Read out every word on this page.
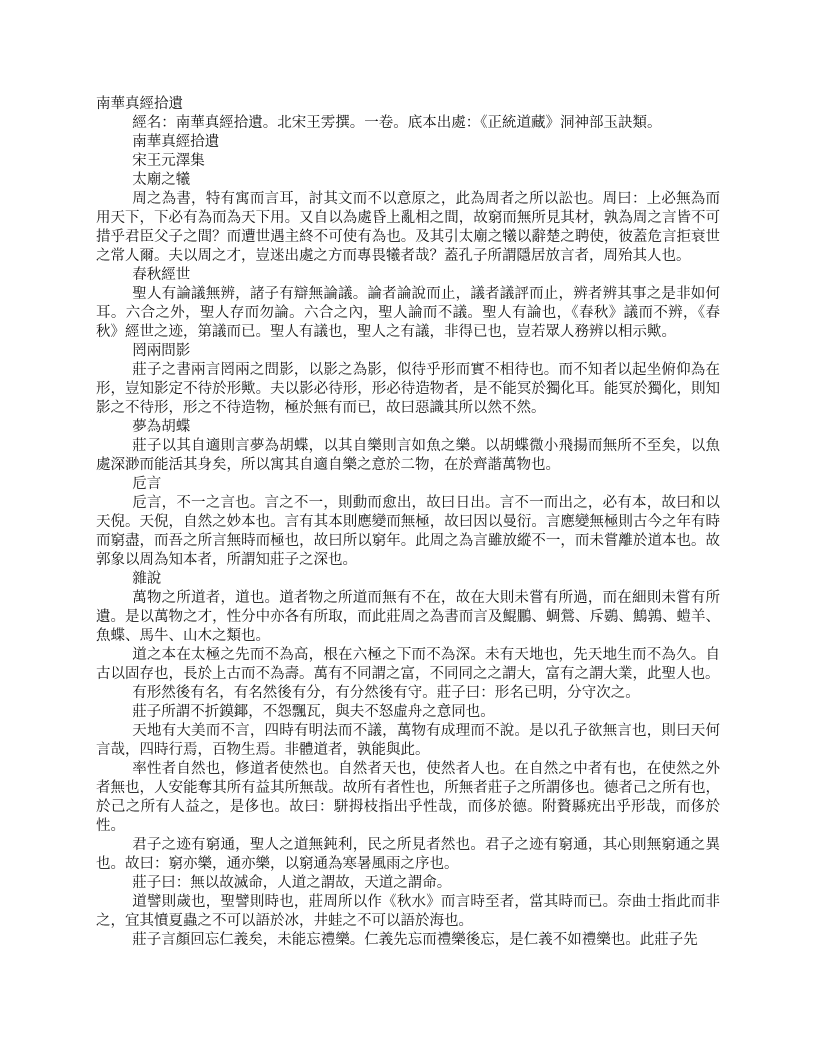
南華真經拾遺

經名：南華真經拾遺。北宋王雱撰。一卷。底本出處：《正統道藏》洞神部玉訣類。

南華真經拾遺

宋王元澤集

太廟之犧

周之為書，特有寓而言耳，討其文而不以意原之，此為周者之所以訟也。周曰：上必無為而用天下，下必有為而為天下用。又自以為處昏上亂相之間，故窮而無所見其材，孰為周之言皆不可措乎君臣父子之間？而遭世遇主終不可使有為也。及其引太廟之犧以辭楚之聘使，彼蓋危言拒衰世之常人爾。夫以周之才，豈迷出處之方而專畏犧者哉？蓋孔子所謂隱居放言者，周殆其人也。

春秋經世

聖人有論議無辨，諸子有辯無論議。論者論說而止，議者議評而止，辨者辨其事之是非如何耳。六合之外，聖人存而勿論。六合之內，聖人論而不議。聖人有論也，《春秋》議而不辨，《春秋》經世之迹，第議而已。聖人有議也，聖人之有議，非得已也，豈若眾人務辨以相示歟。

罔兩問影

莊子之書兩言罔兩之問影，以影之為影，似待乎形而實不相待也。而不知者以起坐俯仰為在形，豈知影定不待於形歟。夫以影必待形，形必待造物者，是不能冥於獨化耳。能冥於獨化，則知影之不待形，形之不待造物，極於無有而已，故曰惡識其所以然不然。

夢為胡蝶

莊子以其自適則言夢為胡蝶，以其自樂則言如魚之樂。以胡蝶微小飛揚而無所不至矣，以魚處深渺而能活其身矣，所以寓其自適自樂之意於二物，在於齊諧萬物也。

卮言

卮言，不一之言也。言之不一，則動而愈出，故曰日出。言不一而出之，必有本，故曰和以天倪。天倪，自然之妙本也。言有其本則應變而無極，故曰因以曼衍。言應變無極則古今之年有時而窮盡，而吾之所言無時而極也，故曰所以窮年。此周之為言雖放縱不一，而未嘗離於道本也。故郭象以周為知本者，所謂知莊子之深也。

雜說

萬物之所道者，道也。道者物之所道而無有不在，故在大則未嘗有所過，而在細則未嘗有所遺。是以萬物之才，性分中亦各有所取，而此莊周之為書而言及鯤鵬、蜩鶯、斥鷃、鷦鶉、螘羊、魚蝶、馬牛、山木之類也。

道之本在太極之先而不為高，根在六極之下而不為深。未有天地也，先天地生而不為久。自古以固存也，長於上古而不為壽。萬有不同謂之富，不同同之之謂大，富有之謂大業，此聖人也。

有形然後有名，有名然後有分，有分然後有守。莊子曰：形名已明，分守次之。

莊子所謂不折鏌鎁，不怨飄瓦，與夫不怒虛舟之意同也。

天地有大美而不言，四時有明法而不議，萬物有成理而不說。是以孔子欲無言也，則曰天何言哉，四時行焉，百物生焉。非體道者，孰能與此。

率性者自然也，修道者使然也。自然者天也，使然者人也。在自然之中者有也，在使然之外者無也，人安能奪其所有益其所無哉。故所有者性也，所無者莊子之所謂侈也。德者己之所有也，於己之所有人益之，是侈也。故曰：駢拇枝指出乎性哉，而侈於德。附贅縣疣出乎形哉，而侈於性。

君子之迹有窮通，聖人之道無鈍利，民之所見者然也。君子之迹有窮通，其心則無窮通之異也。故曰：窮亦樂，通亦樂，以窮通為寒暑風雨之序也。

莊子曰：無以故滅命，人道之謂故，天道之謂命。

道譬則歲也，聖譬則時也，莊周所以作《秋水》而言時至者，當其時而已。奈曲士指此而非之，宜其憤夏蟲之不可以語於冰，井蛙之不可以語於海也。

莊子言顏回忘仁義矣，未能忘禮樂。仁義先忘而禮樂後忘，是仁義不如禮樂也。此莊子先
